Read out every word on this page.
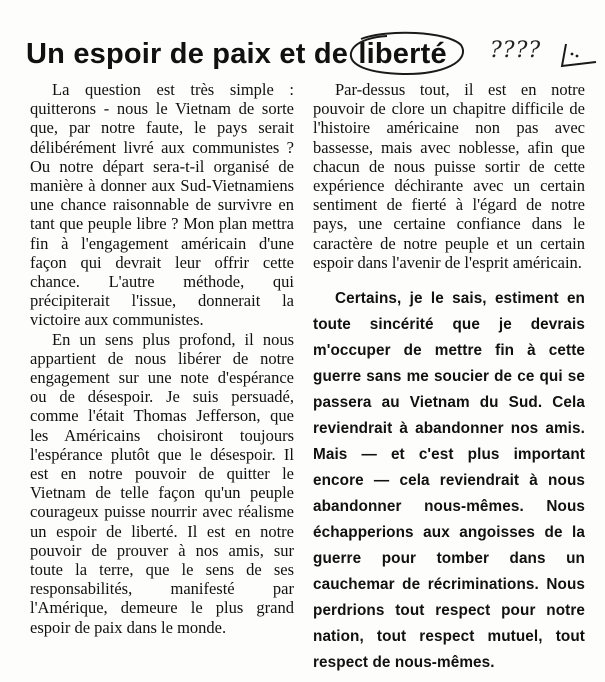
Un espoir de paix et de liberté ????

La question est très simple : quitterons - nous le Vietnam de sorte que, par notre faute, le pays serait délibérément livré aux communistes ? Ou notre départ sera-t-il organisé de manière à donner aux Sud-Vietnamiens une chance raisonnable de survivre en tant que peuple libre ? Mon plan mettra fin à l'engagement américain d'une façon qui devrait leur offrir cette chance. L'autre méthode, qui précipiterait l'issue, donnerait la victoire aux communistes.

En un sens plus profond, il nous appartient de nous libérer de notre engagement sur une note d'espérance ou de désespoir. Je suis persuadé, comme l'était Thomas Jefferson, que les Américains choisiront toujours l'espérance plutôt que le désespoir. Il est en notre pouvoir de quitter le Vietnam de telle façon qu'un peuple courageux puisse nourrir avec réalisme un espoir de liberté. Il est en notre pouvoir de prouver à nos amis, sur toute la terre, que le sens de ses responsabilités, manifesté par l'Amérique, demeure le plus grand espoir de paix dans le monde.

Par-dessus tout, il est en notre pouvoir de clore un chapitre difficile de l'histoire américaine non pas avec bassesse, mais avec noblesse, afin que chacun de nous puisse sortir de cette expérience déchirante avec un certain sentiment de fierté à l'égard de notre pays, une certaine confiance dans le caractère de notre peuple et un certain espoir dans l'avenir de l'esprit américain.

Certains, je le sais, estiment en toute sincérité que je devrais m'occuper de mettre fin à cette guerre sans me soucier de ce qui se passera au Vietnam du Sud. Cela reviendrait à abandonner nos amis. Mais — et c'est plus important encore — cela reviendrait à nous abandonner nous-mêmes. Nous échapperions aux angoisses de la guerre pour tomber dans un cauchemar de récriminations. Nous perdrions tout respect pour notre nation, tout respect mutuel, tout respect de nous-mêmes.
